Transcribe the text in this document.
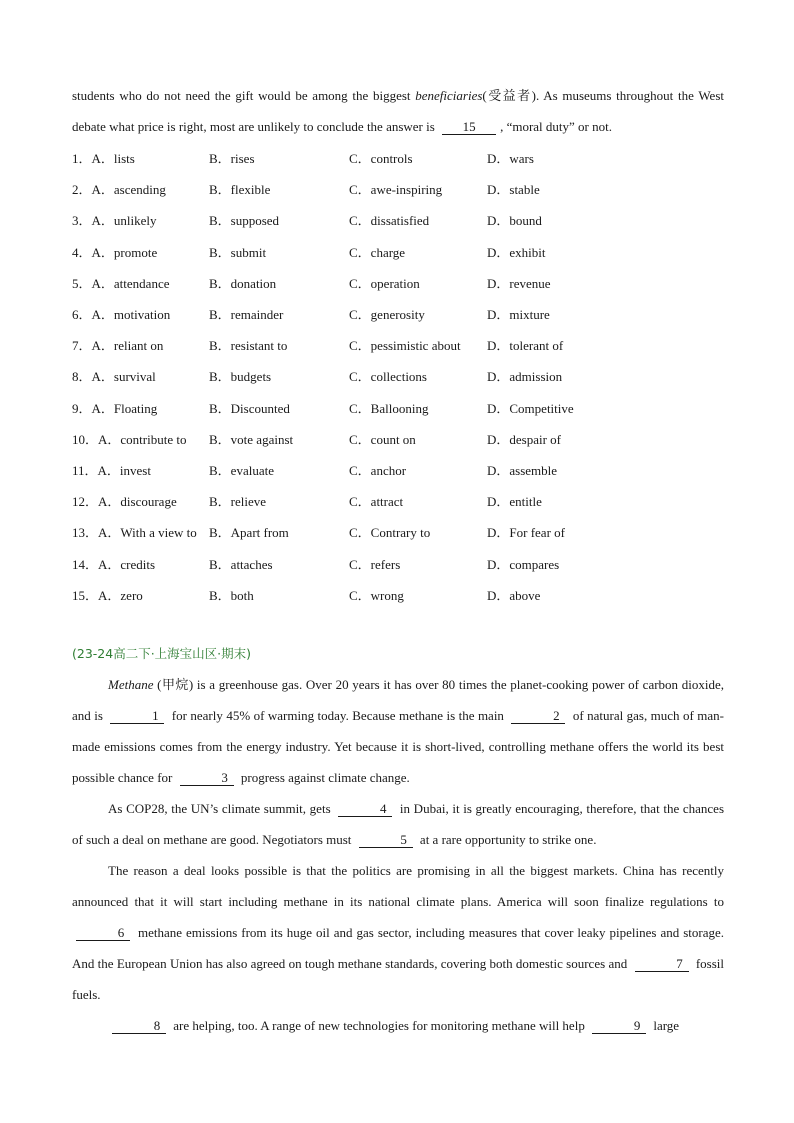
students who do not need the gift would be among the biggest beneficiaries(受益者). As museums throughout the West debate what price is right, most are unlikely to conclude the answer is 15 , “moral duty” or not.

1．A．lists	B．rises	C．controls	D．wars
2．A．ascending	B．flexible	C．awe-inspiring	D．stable
3．A．unlikely	B．supposed	C．dissatisfied	D．bound
4．A．promote	B．submit	C．charge	D．exhibit
5．A．attendance	B．donation	C．operation	D．revenue
6．A．motivation	B．remainder	C．generosity	D．mixture
7．A．reliant on	B．resistant to	C．pessimistic about	D．tolerant of
8．A．survival	B．budgets	C．collections	D．admission
9．A．Floating	B．Discounted	C．Ballooning	D．Competitive
10．A．contribute to	B．vote against	C．count on	D．despair of
11．A．invest	B．evaluate	C．anchor	D．assemble
12．A．discourage	B．relieve	C．attract	D．entitle
13．A．With a view to B．Apart from	C．Contrary to	D．For fear of
14．A．credits	B．attaches	C．refers	D．compares
15．A．zero	B．both	C．wrong	D．above
(23-24高二下·上海宝山区·期末)

Methane (甲烷) is a greenhouse gas. Over 20 years it has over 80 times the planet-cooking power of carbon dioxide, and is	1 for nearly 45% of warming today. Because methane is the main	2 of natural gas, much of man-made emissions comes from the energy industry. Yet because it is short-lived, controlling methane offers the world its best possible chance for	3 progress against climate change.

As COP28, the UN’s climate summit, gets	4 in Dubai, it is greatly encouraging, therefore, that the chances of such a deal on methane are good. Negotiators must	5 at a rare opportunity to strike one.

The reason a deal looks possible is that the politics are promising in all the biggest markets. China has recently announced that it will start including methane in its national climate plans. America will soon finalize regulations to 6 methane emissions from its huge oil and gas sector, including measures that cover leaky pipelines and storage. And the European Union has also agreed on tough methane standards, covering both domestic sources and	7 fossil fuels.

8 are helping, too. A range of new technologies for monitoring methane will help	9 large
